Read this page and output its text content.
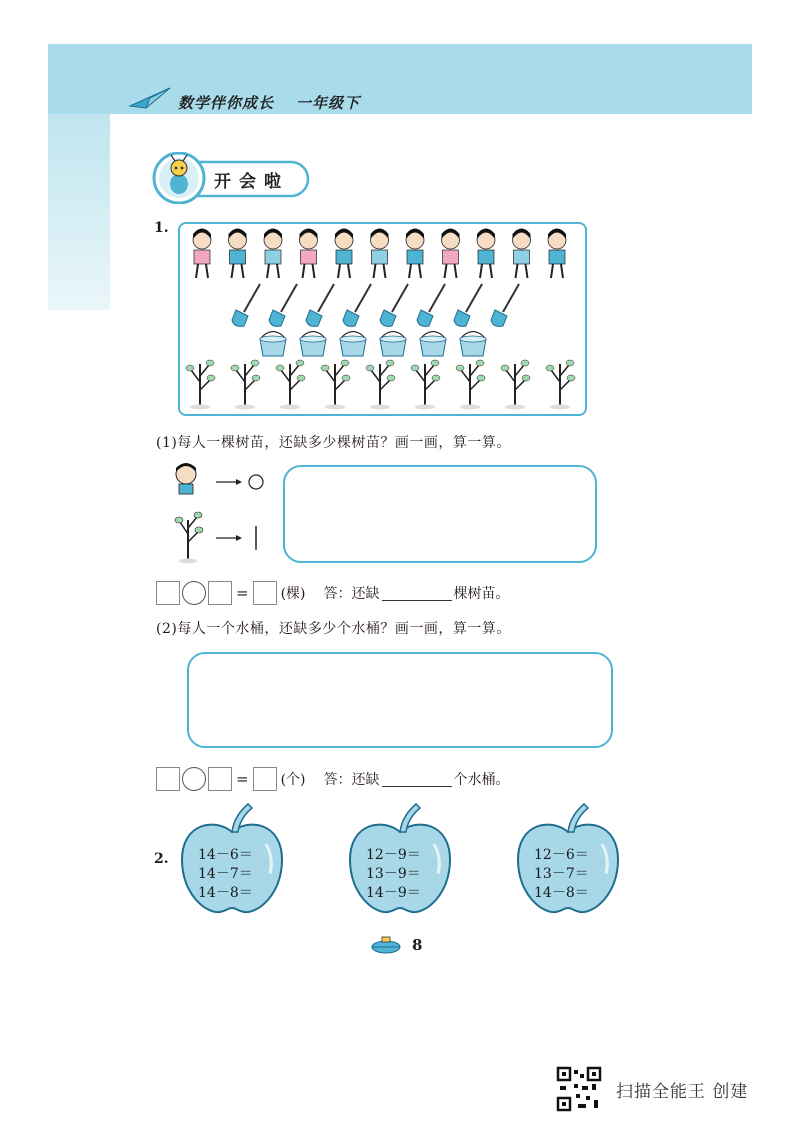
数学伴你成长 一年级下
开会啦
1.
(1)每人一棵树苗，还缺多少棵树苗？画一画，算一算。
= (棵) 答：还缺	棵树苗。
(2)每人一个水桶，还缺多少个水桶？画一画，算一算。
= (个) 答：还缺	个水桶。
2. 14－6＝
14－7＝
14－8＝
12－9＝
13－9＝
14－9＝
12－6＝
13－7＝
14－8＝
8
扫描全能王 创建
